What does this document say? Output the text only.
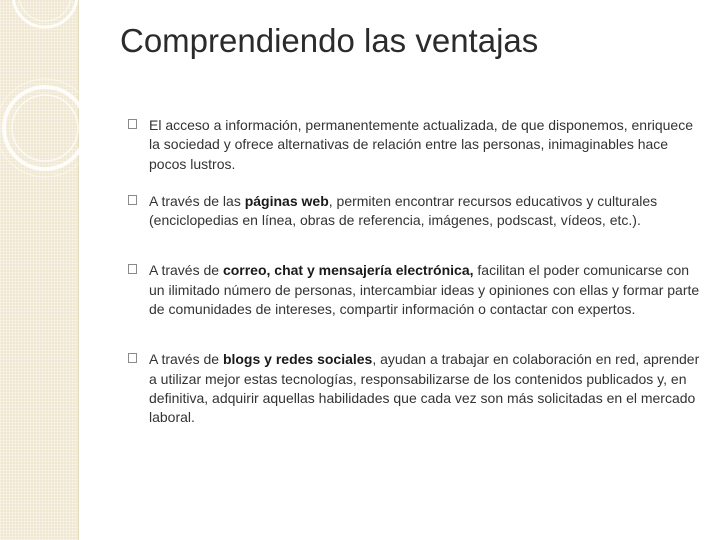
Comprendiendo las ventajas
El acceso a información, permanentemente actualizada, de que disponemos, enriquece la sociedad y ofrece alternativas de relación entre las personas, inimaginables hace pocos lustros.
A través de las páginas web, permiten encontrar recursos educativos y culturales (enciclopedias en línea, obras de referencia, imágenes, podscast, vídeos, etc.).
A través de correo, chat y mensajería electrónica, facilitan el poder comunicarse con un ilimitado número de personas, intercambiar ideas y opiniones con ellas y formar parte de comunidades de intereses, compartir información o contactar con expertos.
A través de blogs y redes sociales, ayudan a trabajar en colaboración en red, aprender a utilizar mejor estas tecnologías, responsabilizarse de los contenidos publicados y, en definitiva, adquirir aquellas habilidades que cada vez son más solicitadas en el mercado laboral.
